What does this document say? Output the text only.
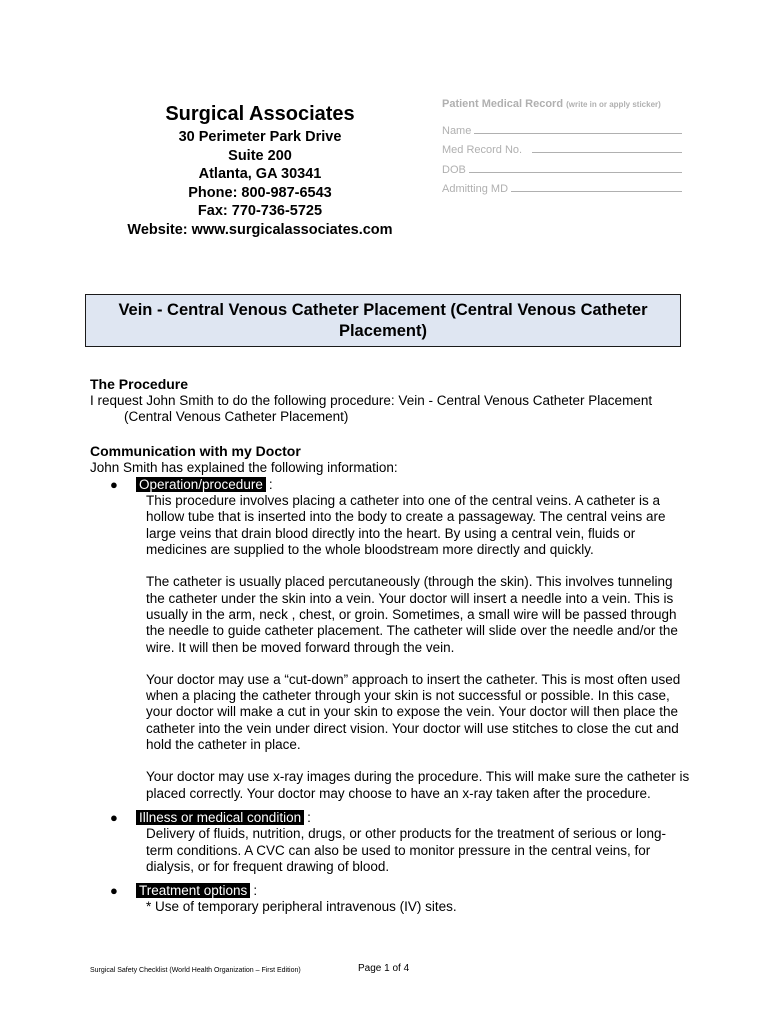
Surgical Associates
30 Perimeter Park Drive
Suite 200
Atlanta, GA 30341
Phone: 800-987-6543
Fax: 770-736-5725
Website: www.surgicalassociates.com
Patient Medical Record (write in or apply sticker)
Name
Med Record No.
DOB
Admitting MD
Vein - Central Venous Catheter Placement (Central Venous Catheter Placement)
The Procedure
I request John Smith to do the following procedure: Vein - Central Venous Catheter Placement
(Central Venous Catheter Placement)
Communication with my Doctor
John Smith has explained the following information:
● Operation/procedure :
This procedure involves placing a catheter into one of the central veins. A catheter is a hollow tube that is inserted into the body to create a passageway. The central veins are large veins that drain blood directly into the heart. By using a central vein, fluids or medicines are supplied to the whole bloodstream more directly and quickly.
The catheter is usually placed percutaneously (through the skin). This involves tunneling the catheter under the skin into a vein. Your doctor will insert a needle into a vein. This is usually in the arm, neck , chest, or groin. Sometimes, a small wire will be passed through the needle to guide catheter placement. The catheter will slide over the needle and/or the wire. It will then be moved forward through the vein.
Your doctor may use a “cut-down” approach to insert the catheter. This is most often used when a placing the catheter through your skin is not successful or possible. In this case, your doctor will make a cut in your skin to expose the vein. Your doctor will then place the catheter into the vein under direct vision. Your doctor will use stitches to close the cut and hold the catheter in place.
Your doctor may use x-ray images during the procedure. This will make sure the catheter is placed correctly. Your doctor may choose to have an x-ray taken after the procedure.
● Illness or medical condition :
Delivery of fluids, nutrition, drugs, or other products for the treatment of serious or long-term conditions. A CVC can also be used to monitor pressure in the central veins, for dialysis, or for frequent drawing of blood.
● Treatment options :
* Use of temporary peripheral intravenous (IV) sites.
Surgical Safety Checklist (World Health Organization – First Edition)	Page 1 of 4
